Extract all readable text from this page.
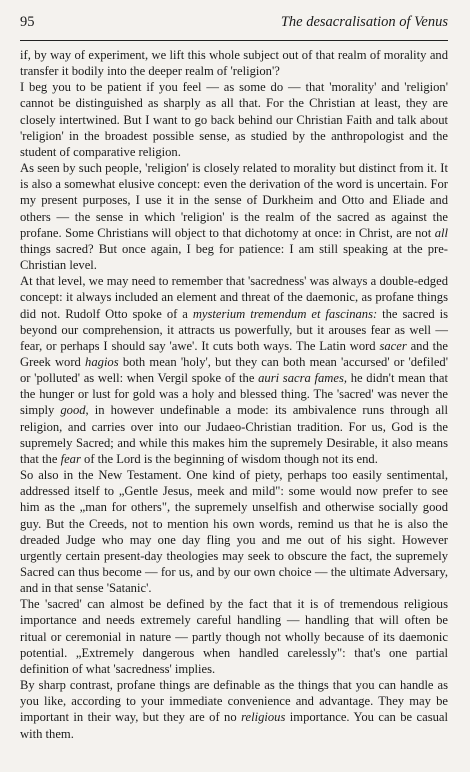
95	The desacralisation of Venus

if, by way of experiment, we lift this whole subject out of that realm of morality and transfer it bodily into the deeper realm of 'religion'?

I beg you to be patient if you feel — as some do — that 'morality' and 'religion' cannot be distinguished as sharply as all that. For the Christian at least, they are closely intertwined. But I want to go back behind our Christian Faith and talk about 'religion' in the broadest possible sense, as studied by the anthropologist and the student of comparative religion.

As seen by such people, 'religion' is closely related to morality but distinct from it. It is also a somewhat elusive concept: even the derivation of the word is uncertain. For my present purposes, I use it in the sense of Durkheim and Otto and Eliade and others — the sense in which 'religion' is the realm of the sacred as against the profane. Some Christians will object to that dichotomy at once: in Christ, are not all things sacred? But once again, I beg for patience: I am still speaking at the pre-Christian level.

At that level, we may need to remember that 'sacredness' was always a double-edged concept: it always included an element and threat of the daemonic, as profane things did not. Rudolf Otto spoke of a mysterium tremendum et fascinans: the sacred is beyond our comprehension, it attracts us powerfully, but it arouses fear as well — fear, or perhaps I should say 'awe'. It cuts both ways. The Latin word sacer and the Greek word hagios both mean 'holy', but they can both mean 'accursed' or 'defiled' or 'polluted' as well: when Vergil spoke of the auri sacra fames, he didn't mean that the hunger or lust for gold was a holy and blessed thing. The 'sacred' was never the simply good, in however undefinable a mode: its ambivalence runs through all religion, and carries over into our Judaeo-Christian tradition. For us, God is the supremely Sacred; and while this makes him the supremely Desirable, it also means that the fear of the Lord is the beginning of wisdom though not its end.

So also in the New Testament. One kind of piety, perhaps too easily sentimental, addressed itself to „Gentle Jesus, meek and mild": some would now prefer to see him as the „man for others", the supremely unselfish and otherwise socially good guy. But the Creeds, not to mention his own words, remind us that he is also the dreaded Judge who may one day fling you and me out of his sight. However urgently certain present-day theologies may seek to obscure the fact, the supremely Sacred can thus become — for us, and by our own choice — the ultimate Adversary, and in that sense 'Satanic'.

The 'sacred' can almost be defined by the fact that it is of tremendous religious importance and needs extremely careful handling — handling that will often be ritual or ceremonial in nature — partly though not wholly because of its daemonic potential. „Extremely dangerous when handled carelessly": that's one partial definition of what 'sacredness' implies.

By sharp contrast, profane things are definable as the things that you can handle as you like, according to your immediate convenience and advantage. They may be important in their way, but they are of no religious importance. You can be casual with them.
